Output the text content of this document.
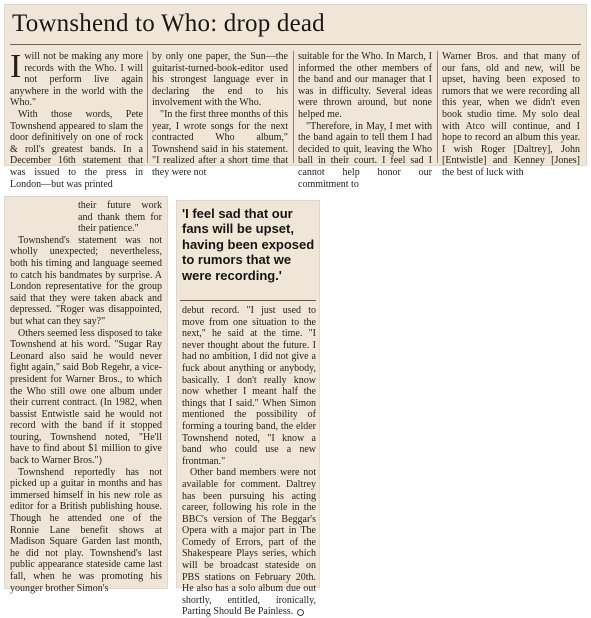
Townshend to Who: drop dead

Iwill not be making any more records with the Who. I will not perform live again anywhere in the world with the Who."

With those words, Pete Townshend appeared to slam the door definitively on one of rock & roll's greatest bands. In a December 16th statement that was issued to the press in London—but was printed

by only one paper, the Sun—the guitarist-turned-book-editor used his strongest language ever in declaring the end to his involvement with the Who.

"In the first three months of this year, I wrote songs for the next contracted Who album," Townshend said in his statement. "I realized after a short time that they were not

suitable for the Who. In March, I informed the other members of the band and our manager that I was in difficulty. Several ideas were thrown around, but none helped me.

"Therefore, in May, I met with the band again to tell them I had decided to quit, leaving the Who ball in their court. I feel sad I cannot help honor our commitment to

Warner Bros. and that many of our fans, old and new, will be upset, having been exposed to rumors that we were recording all this year, when we didn't even book studio time. My solo deal with Atco will continue, and I hope to record an album this year. I wish Roger [Daltrey], John [Entwistle] and Kenney [Jones] the best of luck with

their future work and thank them for their patience."

Townshend's statement was not wholly unexpected; nevertheless, both his timing and language seemed to catch his bandmates by surprise. A London representative for the group said that they were taken aback and depressed. "Roger was disappointed, but what can they say?"

Others seemed less disposed to take Townshend at his word. "Sugar Ray Leonard also said he would never fight again," said Bob Regehr, a vice-president for Warner Bros., to which the Who still owe one album under their current contract. (In 1982, when bassist Entwistle said he would not record with the band if it stopped touring, Townshend noted, "He'll have to find about $1 million to give back to Warner Bros.")

Townshend reportedly has not picked up a guitar in months and has immersed himself in his new role as editor for a British publishing house. Though he attended one of the Ronnie Lane benefit shows at Madison Square Garden last month, he did not play. Townshend's last public appearance stateside came last fall, when he was promoting his younger brother Simon's

'I feel sad that our fans will be upset, having been exposed to rumors that we were recording.'

debut record. "I just used to move from one situation to the next," he said at the time. "I never thought about the future. I had no ambition, I did not give a fuck about anything or anybody, basically. I don't really know now whether I meant half the things that I said." When Simon mentioned the possibility of forming a touring band, the elder Townshend noted, "I know a band who could use a new frontman."

Other band members were not available for comment. Daltrey has been pursuing his acting career, following his role in the BBC's version of The Beggar's Opera with a major part in The Comedy of Errors, part of the Shakespeare Plays series, which will be broadcast stateside on PBS stations on February 20th. He also has a solo album due out shortly, entitled, ironically, Parting Should Be Painless.
